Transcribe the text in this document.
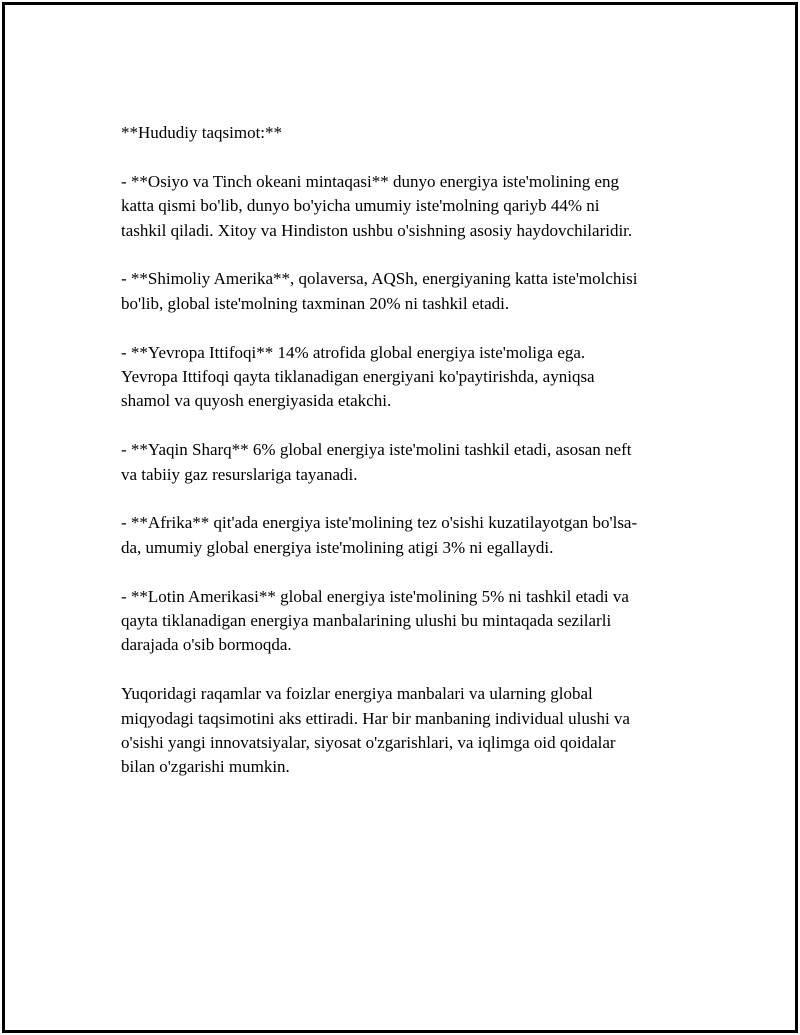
**Hududiy taqsimot:**

- **Osiyo va Tinch okeani mintaqasi** dunyo energiya iste'molining eng
katta qismi bo'lib, dunyo bo'yicha umumiy iste'molning qariyb 44% ni
tashkil qiladi. Xitoy va Hindiston ushbu o'sishning asosiy haydovchilaridir.

- **Shimoliy Amerika**, qolaversa, AQSh, energiyaning katta iste'molchisi
bo'lib, global iste'molning taxminan 20% ni tashkil etadi.

- **Yevropa Ittifoqi** 14% atrofida global energiya iste'moliga ega.
Yevropa Ittifoqi qayta tiklanadigan energiyani ko'paytirishda, ayniqsa
shamol va quyosh energiyasida etakchi.

- **Yaqin Sharq** 6% global energiya iste'molini tashkil etadi, asosan neft
va tabiiy gaz resurslariga tayanadi.

- **Afrika** qit'ada energiya iste'molining tez o'sishi kuzatilayotgan bo'lsa-
da, umumiy global energiya iste'molining atigi 3% ni egallaydi.

- **Lotin Amerikasi** global energiya iste'molining 5% ni tashkil etadi va
qayta tiklanadigan energiya manbalarining ulushi bu mintaqada sezilarli
darajada o'sib bormoqda.

Yuqoridagi raqamlar va foizlar energiya manbalari va ularning global
miqyodagi taqsimotini aks ettiradi. Har bir manbaning individual ulushi va
o'sishi yangi innovatsiyalar, siyosat o'zgarishlari, va iqlimga oid qoidalar
bilan o'zgarishi mumkin.
